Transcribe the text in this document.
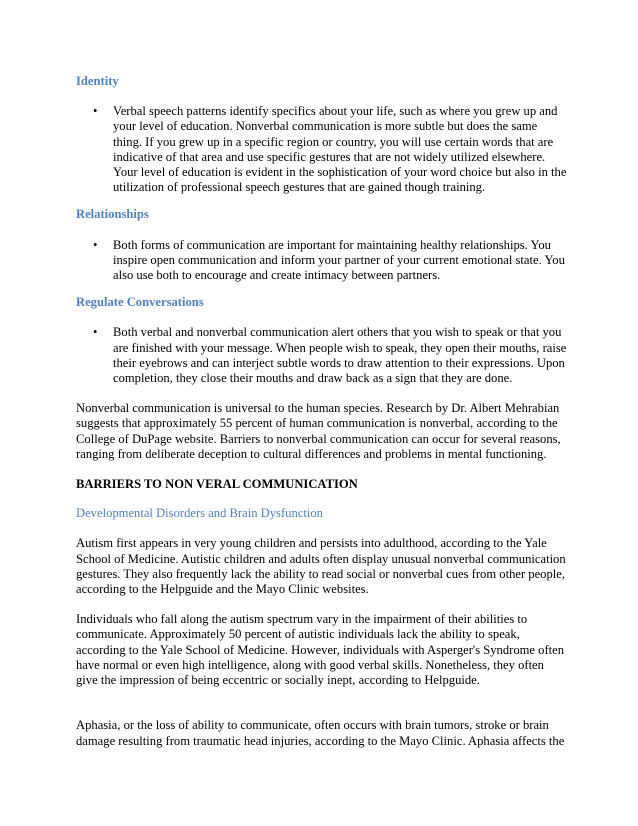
Identity

• Verbal speech patterns identify specifics about your life, such as where you grew up and your level of education. Nonverbal communication is more subtle but does the same thing. If you grew up in a specific region or country, you will use certain words that are indicative of that area and use specific gestures that are not widely utilized elsewhere. Your level of education is evident in the sophistication of your word choice but also in the utilization of professional speech gestures that are gained though training.

Relationships

• Both forms of communication are important for maintaining healthy relationships. You inspire open communication and inform your partner of your current emotional state. You also use both to encourage and create intimacy between partners.

Regulate Conversations

• Both verbal and nonverbal communication alert others that you wish to speak or that you are finished with your message. When people wish to speak, they open their mouths, raise their eyebrows and can interject subtle words to draw attention to their expressions. Upon completion, they close their mouths and draw back as a sign that they are done.

Nonverbal communication is universal to the human species. Research by Dr. Albert Mehrabian suggests that approximately 55 percent of human communication is nonverbal, according to the College of DuPage website. Barriers to nonverbal communication can occur for several reasons, ranging from deliberate deception to cultural differences and problems in mental functioning.

BARRIERS TO NON VERAL COMMUNICATION

Developmental Disorders and Brain Dysfunction

Autism first appears in very young children and persists into adulthood, according to the Yale School of Medicine. Autistic children and adults often display unusual nonverbal communication gestures. They also frequently lack the ability to read social or nonverbal cues from other people, according to the Helpguide and the Mayo Clinic websites.

Individuals who fall along the autism spectrum vary in the impairment of their abilities to communicate. Approximately 50 percent of autistic individuals lack the ability to speak, according to the Yale School of Medicine. However, individuals with Asperger's Syndrome often have normal or even high intelligence, along with good verbal skills. Nonetheless, they often give the impression of being eccentric or socially inept, according to Helpguide.

Aphasia, or the loss of ability to communicate, often occurs with brain tumors, stroke or brain damage resulting from traumatic head injuries, according to the Mayo Clinic. Aphasia affects the
